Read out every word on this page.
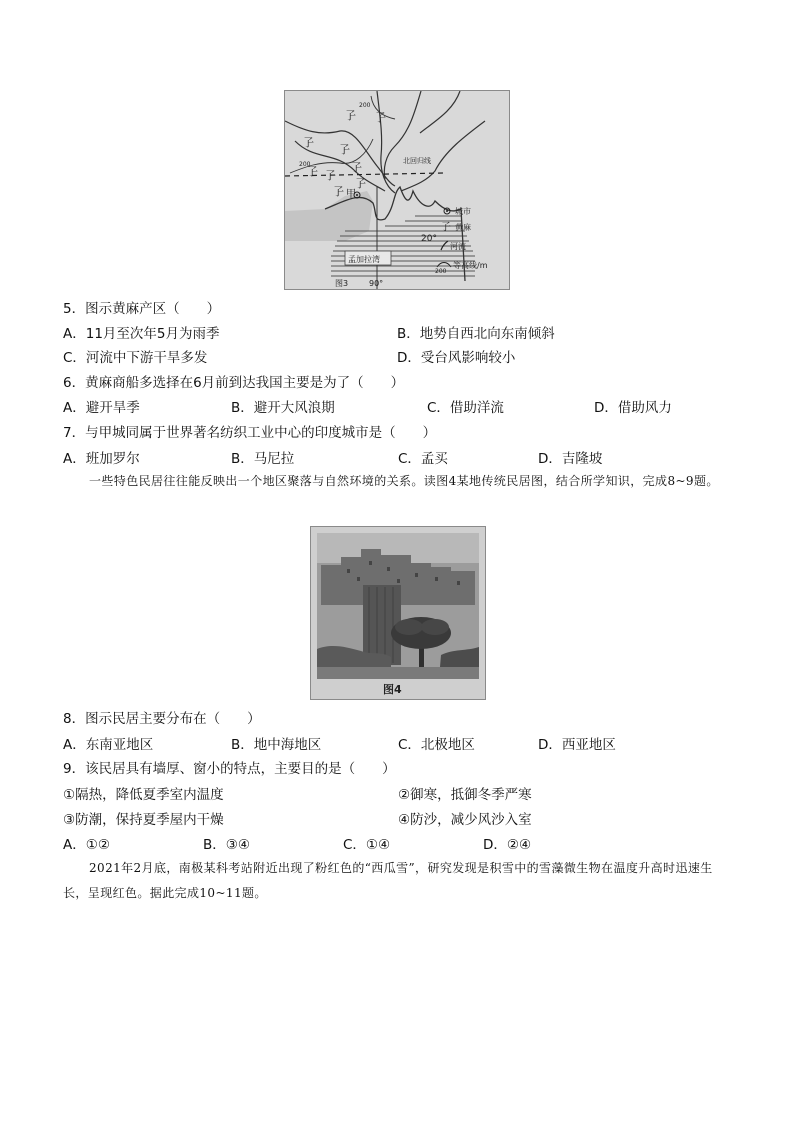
孒 孒
孒
孒
孒
孒
孒
孒
孒 甲
200
200
北回归线
孟加拉湾
20°
图3	90°
城市
孒 黄麻
河流
200
等高线/m
5．图示黄麻产区（　　）
A．11月至次年5月为雨季	B．地势自西北向东南倾斜
C．河流中下游干旱多发	D．受台风影响较小
6．黄麻商船多选择在6月前到达我国主要是为了（　　）
A．避开旱季	B．避开大风浪期	C．借助洋流	D．借助风力
7．与甲城同属于世界著名纺织工业中心的印度城市是（　　）
A．班加罗尔	B．马尼拉	C．孟买	D．吉隆坡
一些特色民居往往能反映出一个地区聚落与自然环境的关系。读图4某地传统民居图，结合所学知识，完成8~9题。
图4
8．图示民居主要分布在（　　）
A．东南亚地区	B．地中海地区	C．北极地区	D．西亚地区
9．该民居具有墙厚、窗小的特点，主要目的是（　　）
①隔热，降低夏季室内温度	②御寒，抵御冬季严寒
③防潮，保持夏季屋内干燥	④防沙，减少风沙入室
A．①②	B．③④	C．①④	D．②④
2021年2月底，南极某科考站附近出现了粉红色的“西瓜雪”，研究发现是积雪中的雪藻微生物在温度升高时迅速生长，呈现红色。据此完成10~11题。
